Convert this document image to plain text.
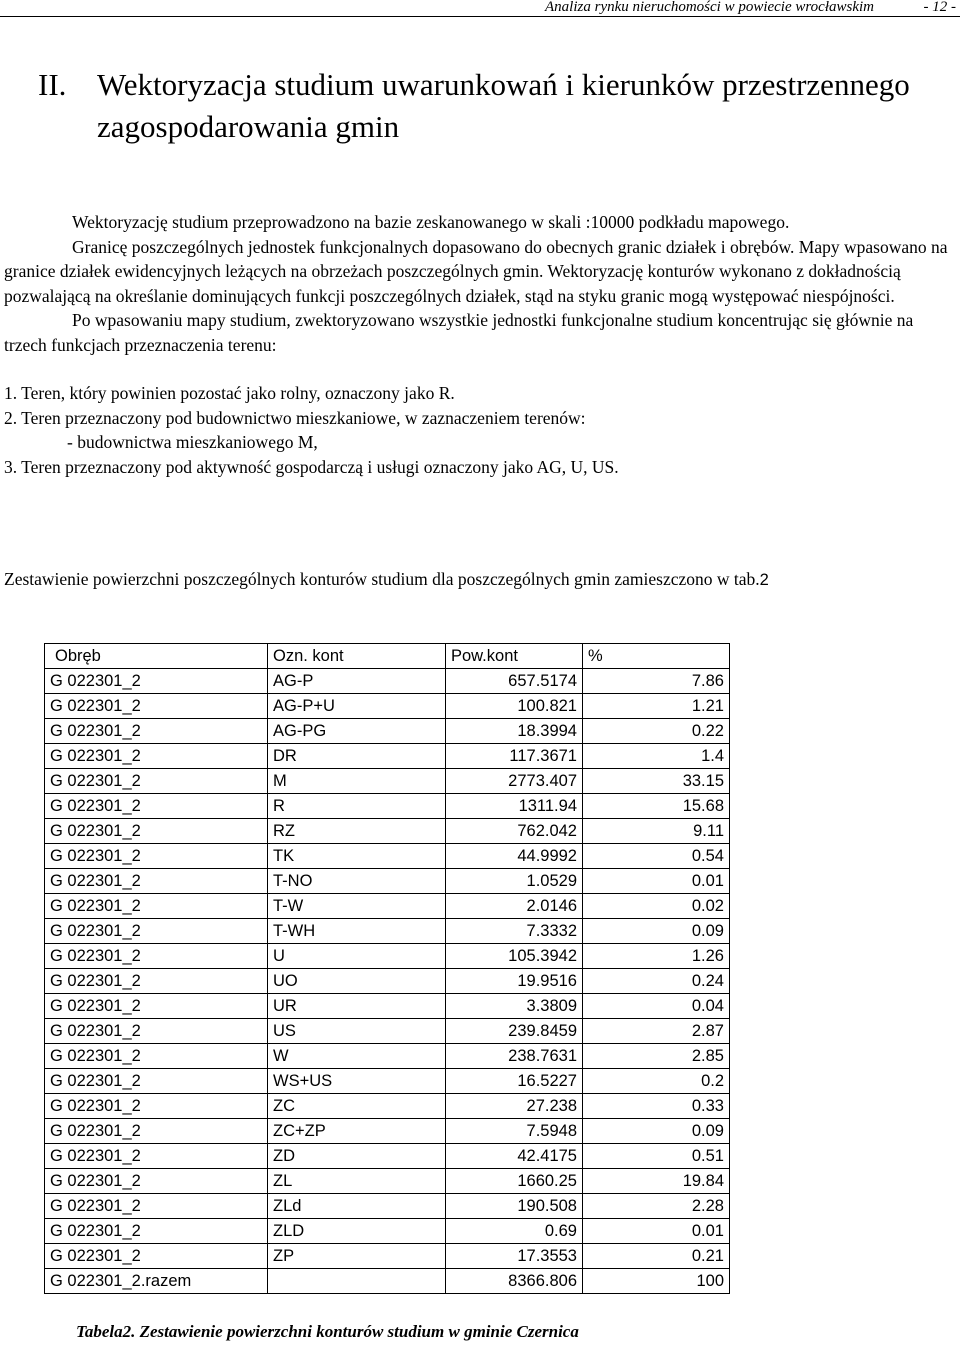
Analiza rynku nieruchomości w powiecie wrocławskim	- 12 -
II. Wektoryzacja studium uwarunkowań i kierunków przestrzennego zagospodarowania gmin

Wektoryzację studium przeprowadzono na bazie zeskanowanego w skali :10000 podkładu mapowego.

Granicę poszczególnych jednostek funkcjonalnych dopasowano do obecnych granic działek i obrębów. Mapy wpasowano na granice działek ewidencyjnych leżących na obrzeżach poszczególnych gmin. Wektoryzację konturów wykonano z dokładnością pozwalającą na określanie dominujących funkcji poszczególnych działek, stąd na styku granic mogą występować niespójności.

Po wpasowaniu mapy studium, zwektoryzowano wszystkie jednostki funkcjonalne studium koncentrując się głównie na trzech funkcjach przeznaczenia terenu:

1. Teren, który powinien pozostać jako rolny, oznaczony jako R.

2. Teren przeznaczony pod budownictwo mieszkaniowe, w zaznaczeniem terenów:

- budownictwa mieszkaniowego M,

3. Teren przeznaczony pod aktywność gospodarczą i usługi oznaczony jako AG, U, US.

Zestawienie powierzchni poszczególnych konturów studium dla poszczególnych gmin zamieszczono w tab.2

Obręb	Ozn. kont	Pow.kont	%
G 022301_2	AG-P	657.5174	7.86
G 022301_2	AG-P+U	100.821	1.21
G 022301_2	AG-PG	18.3994	0.22
G 022301_2	DR	117.3671	1.4
G 022301_2	M	2773.407	33.15
G 022301_2	R	1311.94	15.68
G 022301_2	RZ	762.042	9.11
G 022301_2	TK	44.9992	0.54
G 022301_2	T-NO	1.0529	0.01
G 022301_2	T-W	2.0146	0.02
G 022301_2	T-WH	7.3332	0.09
G 022301_2	U	105.3942	1.26
G 022301_2	UO	19.9516	0.24
G 022301_2	UR	3.3809	0.04
G 022301_2	US	239.8459	2.87
G 022301_2	W	238.7631	2.85
G 022301_2	WS+US	16.5227	0.2
G 022301_2	ZC	27.238	0.33
G 022301_2	ZC+ZP	7.5948	0.09
G 022301_2	ZD	42.4175	0.51
G 022301_2	ZL	1660.25	19.84
G 022301_2	ZLd	190.508	2.28
G 022301_2	ZLD	0.69	0.01
G 022301_2	ZP	17.3553	0.21
G 022301_2.razem		8366.806	100
Tabela2. Zestawienie powierzchni konturów studium w gminie Czernica
